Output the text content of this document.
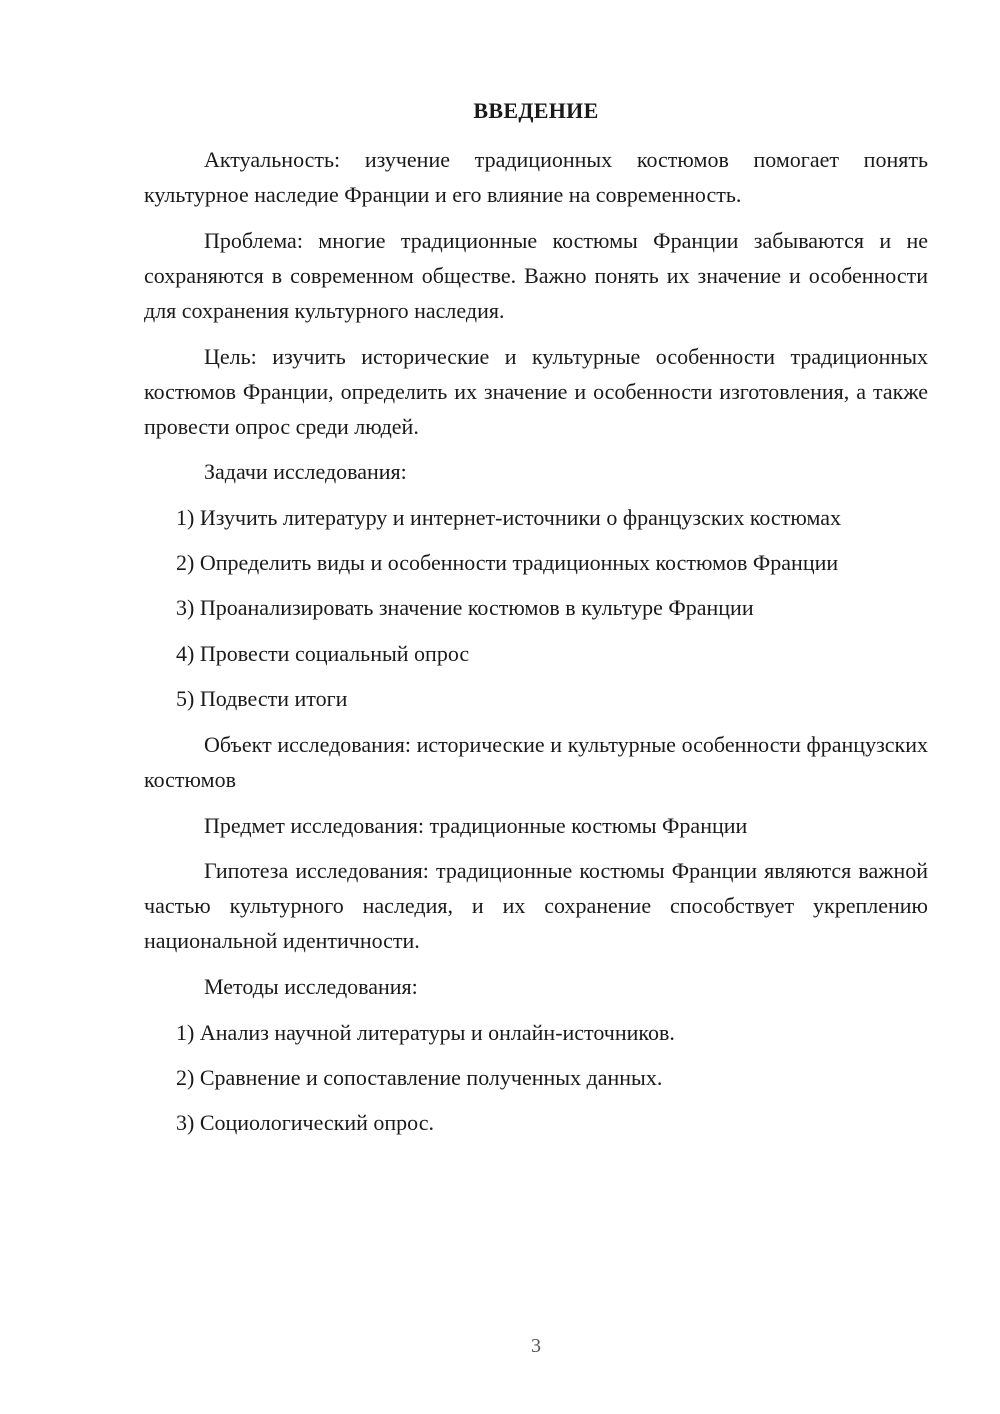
ВВЕДЕНИЕ

Актуальность: изучение традиционных костюмов помогает понять культурное наследие Франции и его влияние на современность.

Проблема: многие традиционные костюмы Франции забываются и не сохраняются в современном обществе. Важно понять их значение и особенности для сохранения культурного наследия.

Цель: изучить исторические и культурные особенности традиционных костюмов Франции, определить их значение и особенности изготовления, а также провести опрос среди людей.

Задачи исследования:

1) Изучить литературу и интернет-источники о французских костюмах

2) Определить виды и особенности традиционных костюмов Франции

3) Проанализировать значение костюмов в культуре Франции

4) Провести социальный опрос

5) Подвести итоги

Объект исследования: исторические и культурные особенности французских костюмов

Предмет исследования: традиционные костюмы Франции

Гипотеза исследования: традиционные костюмы Франции являются важной частью культурного наследия, и их сохранение способствует укреплению национальной идентичности.

Методы исследования:

1) Анализ научной литературы и онлайн-источников.

2) Сравнение и сопоставление полученных данных.

3) Социологический опрос.

3
